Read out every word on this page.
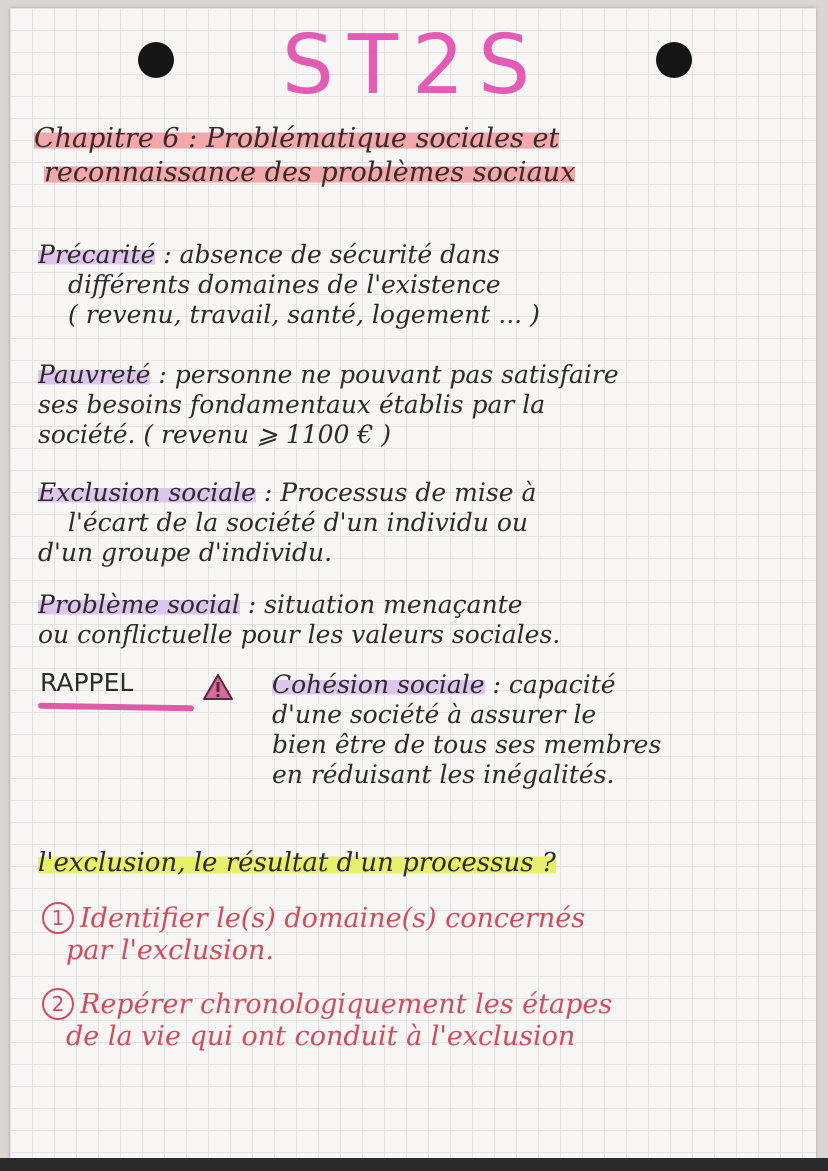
ST2S
Chapitre 6 : Problématique sociales et
reconnaissance des problèmes sociaux
Précarité : absence de sécurité dans
différents domaines de l'existence
( revenu, travail, santé, logement ... )
Pauvreté : personne ne pouvant pas satisfaire
ses besoins fondamentaux établis par la
société. ( revenu ⩾ 1100 € )
Exclusion sociale : Processus de mise à
l'écart de la société d'un individu ou
d'un groupe d'individu.
Problème social : situation menaçante
ou conflictuelle pour les valeurs sociales.
RAPPEL	Cohésion sociale : capacité
d'une société à assurer le
bien être de tous ses membres
en réduisant les inégalités.
l'exclusion, le résultat d'un processus ?
1 Identifier le(s) domaine(s) concernés
par l'exclusion.
2 Repérer chronologiquement les étapes
de la vie qui ont conduit à l'exclusion
